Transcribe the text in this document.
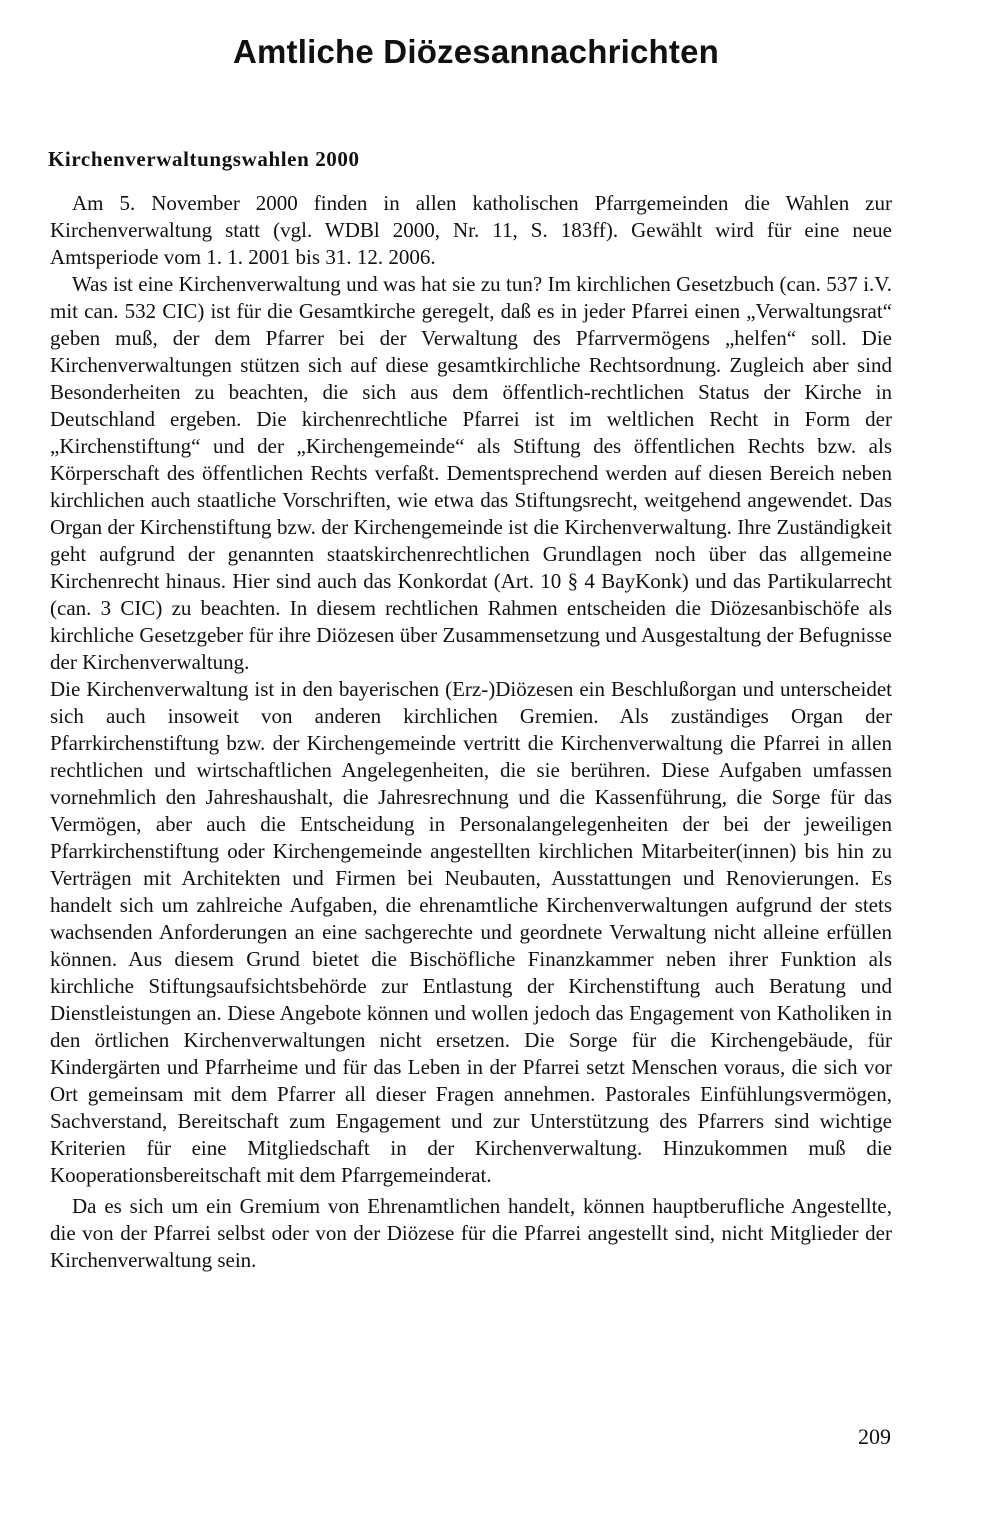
Amtliche Diözesannachrichten
Kirchenverwaltungswahlen 2000

Am 5. November 2000 finden in allen katholischen Pfarrgemeinden die Wahlen zur Kirchenverwaltung statt (vgl. WDBl 2000, Nr. 11, S. 183ff). Gewählt wird für eine neue Amtsperiode vom 1. 1. 2001 bis 31. 12. 2006.

Was ist eine Kirchenverwaltung und was hat sie zu tun? Im kirchlichen Gesetzbuch (can. 537 i.V. mit can. 532 CIC) ist für die Gesamtkirche geregelt, daß es in jeder Pfarrei einen „Verwaltungsrat“ geben muß, der dem Pfarrer bei der Verwaltung des Pfarrvermögens „helfen“ soll. Die Kirchenverwaltungen stützen sich auf diese gesamtkirchliche Rechtsordnung. Zugleich aber sind Besonderheiten zu beachten, die sich aus dem öffentlich-rechtlichen Status der Kirche in Deutschland ergeben. Die kirchenrechtliche Pfarrei ist im weltlichen Recht in Form der „Kirchenstiftung“ und der „Kirchengemeinde“ als Stiftung des öffentlichen Rechts bzw. als Körperschaft des öffentlichen Rechts verfaßt. Dementsprechend werden auf diesen Bereich neben kirchlichen auch staatliche Vorschriften, wie etwa das Stiftungsrecht, weitgehend angewendet. Das Organ der Kirchenstiftung bzw. der Kirchengemeinde ist die Kirchenverwaltung. Ihre Zuständigkeit geht aufgrund der genannten staatskirchenrechtlichen Grundlagen noch über das allgemeine Kirchenrecht hinaus. Hier sind auch das Konkordat (Art. 10 § 4 BayKonk) und das Partikularrecht (can. 3 CIC) zu beachten. In diesem rechtlichen Rahmen entscheiden die Diözesanbischöfe als kirchliche Gesetzgeber für ihre Diözesen über Zusammensetzung und Ausgestaltung der Befugnisse der Kirchenverwaltung.

Die Kirchenverwaltung ist in den bayerischen (Erz-)Diözesen ein Beschlußorgan und unterscheidet sich auch insoweit von anderen kirchlichen Gremien. Als zuständiges Organ der Pfarrkirchenstiftung bzw. der Kirchengemeinde vertritt die Kirchenverwaltung die Pfarrei in allen rechtlichen und wirtschaftlichen Angelegenheiten, die sie berühren. Diese Aufgaben umfassen vornehmlich den Jahreshaushalt, die Jahresrechnung und die Kassenführung, die Sorge für das Vermögen, aber auch die Entscheidung in Personalangelegenheiten der bei der jeweiligen Pfarrkirchenstiftung oder Kirchengemeinde angestellten kirchlichen Mitarbeiter(innen) bis hin zu Verträgen mit Architekten und Firmen bei Neubauten, Ausstattungen und Renovierungen. Es handelt sich um zahlreiche Aufgaben, die ehrenamtliche Kirchenverwaltungen aufgrund der stets wachsenden Anforderungen an eine sachgerechte und geordnete Verwaltung nicht alleine erfüllen können. Aus diesem Grund bietet die Bischöfliche Finanzkammer neben ihrer Funktion als kirchliche Stiftungsaufsichtsbehörde zur Entlastung der Kirchenstiftung auch Beratung und Dienstleistungen an. Diese Angebote können und wollen jedoch das Engagement von Katholiken in den örtlichen Kirchenverwaltungen nicht ersetzen. Die Sorge für die Kirchengebäude, für Kindergärten und Pfarrheime und für das Leben in der Pfarrei setzt Menschen voraus, die sich vor Ort gemeinsam mit dem Pfarrer all dieser Fragen annehmen. Pastorales Einfühlungsvermögen, Sachverstand, Bereitschaft zum Engagement und zur Unterstützung des Pfarrers sind wichtige Kriterien für eine Mitgliedschaft in der Kirchenverwaltung. Hinzukommen muß die Kooperationsbereitschaft mit dem Pfarrgemeinderat.

Da es sich um ein Gremium von Ehrenamtlichen handelt, können hauptberufliche Angestellte, die von der Pfarrei selbst oder von der Diözese für die Pfarrei angestellt sind, nicht Mitglieder der Kirchenverwaltung sein.

209
